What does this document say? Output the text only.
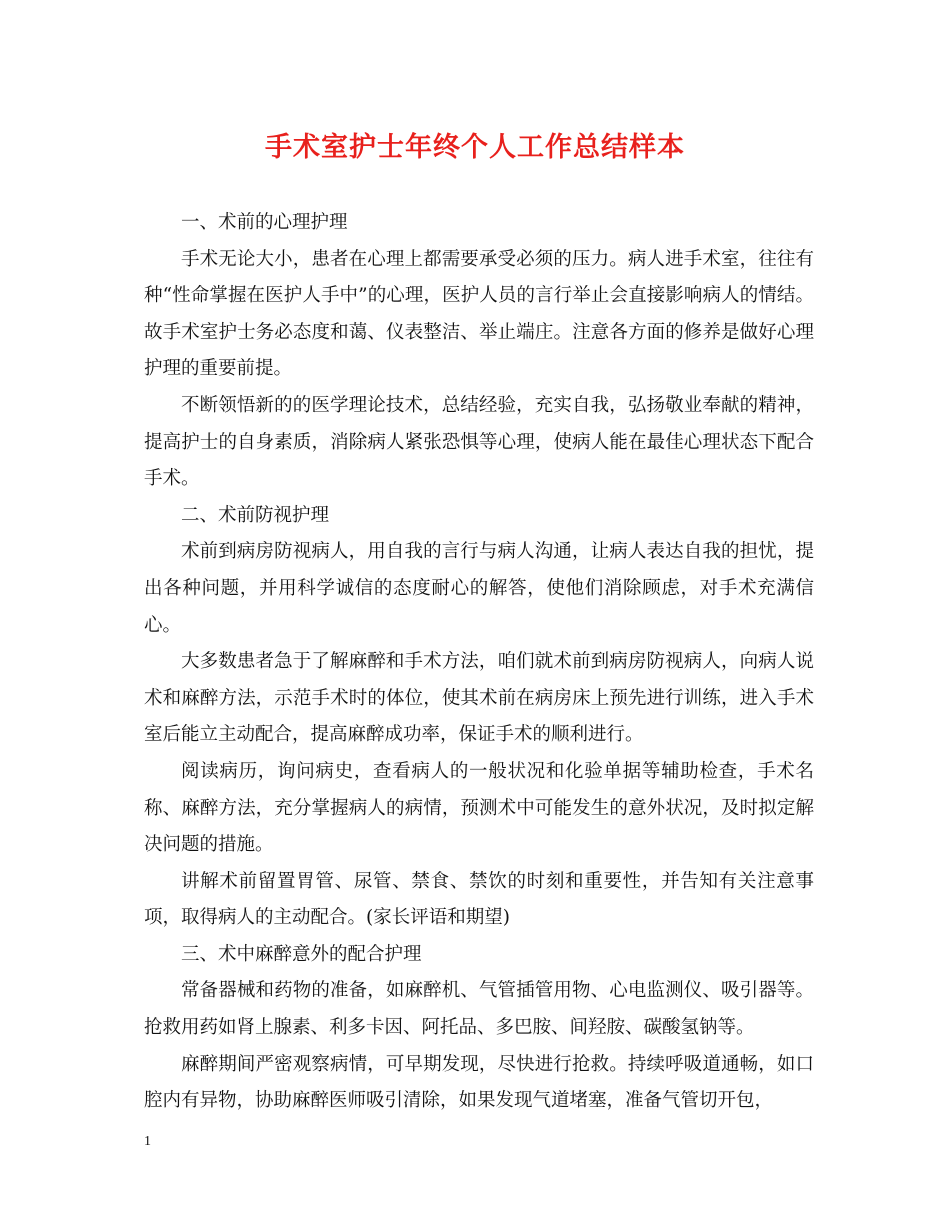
手术室护士年终个人工作总结样本

一、术前的心理护理

手术无论大小，患者在心理上都需要承受必须的压力。病人进手术室，往往有种“性命掌握在医护人手中”的心理，医护人员的言行举止会直接影响病人的情结。故手术室护士务必态度和蔼、仪表整洁、举止端庄。注意各方面的修养是做好心理护理的重要前提。

不断领悟新的的医学理论技术，总结经验，充实自我，弘扬敬业奉献的精神，提高护士的自身素质，消除病人紧张恐惧等心理，使病人能在最佳心理状态下配合手术。

二、术前防视护理

术前到病房防视病人，用自我的言行与病人沟通，让病人表达自我的担忧，提出各种问题，并用科学诚信的态度耐心的解答，使他们消除顾虑，对手术充满信心。

大多数患者急于了解麻醉和手术方法，咱们就术前到病房防视病人，向病人说术和麻醉方法，示范手术时的体位，使其术前在病房床上预先进行训练，进入手术室后能立主动配合，提高麻醉成功率，保证手术的顺利进行。

阅读病历，询问病史，查看病人的一般状况和化验单据等辅助检查，手术名称、麻醉方法，充分掌握病人的病情，预测术中可能发生的意外状况，及时拟定解决问题的措施。

讲解术前留置胃管、尿管、禁食、禁饮的时刻和重要性，并告知有关注意事项，取得病人的主动配合。(家长评语和期望)

三、术中麻醉意外的配合护理

常备器械和药物的准备，如麻醉机、气管插管用物、心电监测仪、吸引器等。抢救用药如肾上腺素、利多卡因、阿托品、多巴胺、间羟胺、碳酸氢钠等。

麻醉期间严密观察病情，可早期发现，尽快进行抢救。持续呼吸道通畅，如口腔内有异物，协助麻醉医师吸引清除，如果发现气道堵塞，准备气管切开包，

1
